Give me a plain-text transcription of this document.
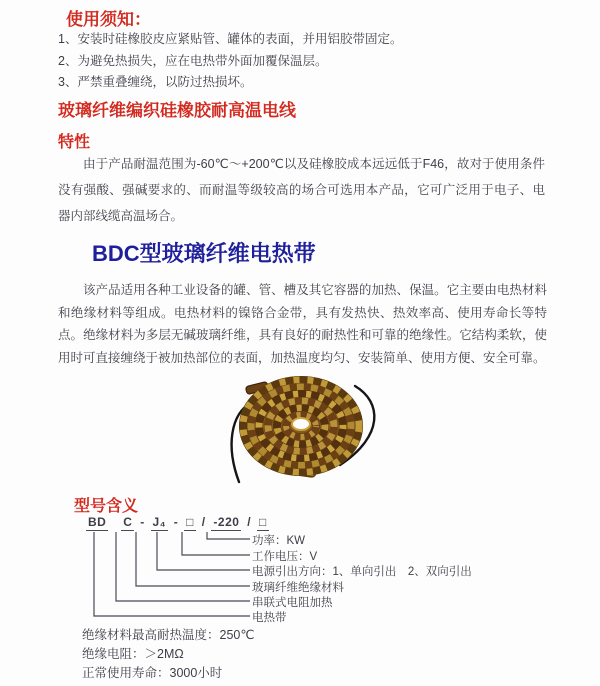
使用须知：
1、安装时硅橡胶皮应紧贴管、罐体的表面，并用铝胶带固定。
2、为避免热损失，应在电热带外面加覆保温层。
3、严禁重叠缠绕，以防过热损坏。
玻璃纤维编织硅橡胶耐高温电线
特性
由于产品耐温范围为-60℃～+200℃以及硅橡胶成本远远低于F46，故对于使用条件没有强酸、强碱要求的、而耐温等级较高的场合可选用本产品，它可广泛用于电子、电器内部线缆高温场合。
BDC型玻璃纤维电热带
该产品适用各种工业设备的罐、管、槽及其它容器的加热、保温。它主要由电热材料和绝缘材料等组成。电热材料的镍铬合金带，具有发热快、热效率高、使用寿命长等特点。绝缘材料为多层无碱玻璃纤维，具有良好的耐热性和可靠的绝缘性。它结构柔软，使用时可直接缠绕于被加热部位的表面，加热温度均匀、安装简单、使用方便、安全可靠。
型号含义
BD C - J₄ - □ / -220 / □
功率：KW
工作电压：V
电源引出方向：1、单向引出　2、双向引出
玻璃纤维绝缘材料
串联式电阻加热
电热带
绝缘材料最高耐热温度：250℃
绝缘电阻：＞2MΩ
正常使用寿命：3000小时
